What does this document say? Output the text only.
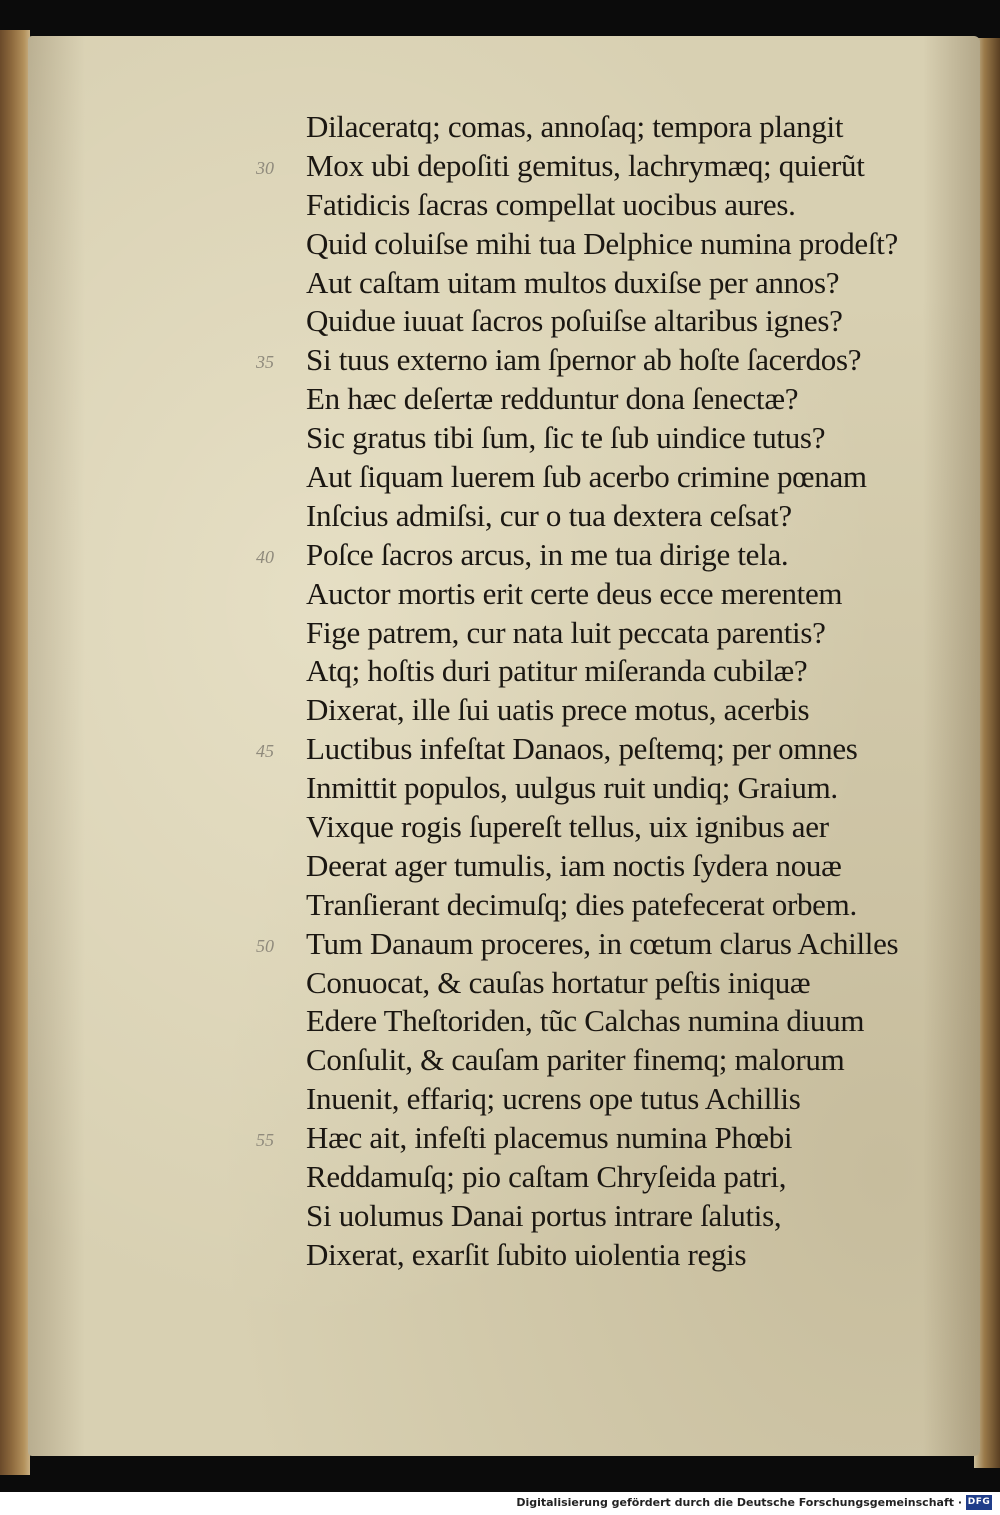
Dilaceratq; comas, annoſaq; tempora plangit

Mox ubi depoſiti gemitus, lachrymæq; quierũt

Fatidicis ſacras compellat uocibus aures.

Quid coluiſse mihi tua Delphice numina prodeſt?

Aut caſtam uitam multos duxiſse per annos?

Quidue iuuat ſacros poſuiſse altaribus ignes?

Si tuus externo iam ſpernor ab hoſte ſacerdos?

En hæc deſertæ redduntur dona ſenectæ?

Sic gratus tibi ſum, ſic te ſub uindice tutus?

Aut ſiquam luerem ſub acerbo crimine pœnam

Inſcius admiſsi, cur o tua dextera ceſsat?

Poſce ſacros arcus, in me tua dirige tela.

Auctor mortis erit certe deus ecce merentem

Fige patrem, cur nata luit peccata parentis?

Atq; hoſtis duri patitur miſeranda cubilæ?

Dixerat, ille ſui uatis prece motus, acerbis

Luctibus infeſtat Danaos, peſtemq; per omnes

Inmittit populos, uulgus ruit undiq; Graium.

Vixque rogis ſupereſt tellus, uix ignibus aer

Deerat ager tumulis, iam noctis ſydera nouæ

Tranſierant decimuſq; dies patefecerat orbem.

Tum Danaum proceres, in cœtum clarus Achilles

Conuocat, & cauſas hortatur peſtis iniquæ

Edere Theſtoriden, tũc Calchas numina diuum

Conſulit, & cauſam pariter finemq; malorum

Inuenit, effariq; ucrens ope tutus Achillis

Hæc ait, infeſti placemus numina Phœbi

Reddamuſq; pio caſtam Chryſeida patri,

Si uolumus Danai portus intrare ſalutis,

Dixerat, exarſit ſubito uiolentia regis

30
35
40
45
50
55
Digitalisierung gefördert durch die Deutsche Forschungsgemeinschaft · DFG
